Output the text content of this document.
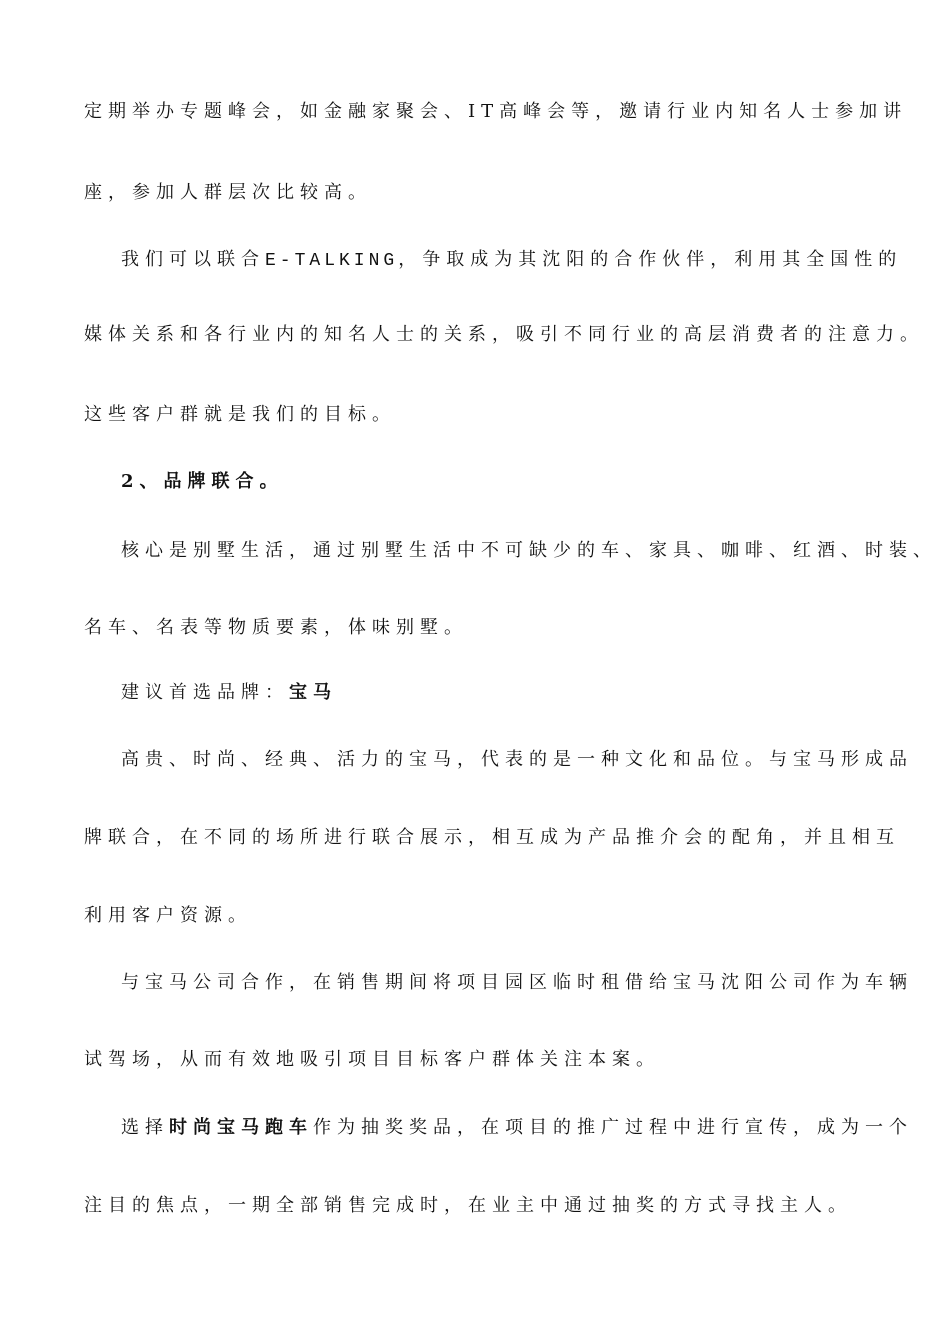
定期举办专题峰会，如金融家聚会、IT高峰会等，邀请行业内知名人士参加讲
座，参加人群层次比较高。
我们可以联合E-TALKING，争取成为其沈阳的合作伙伴，利用其全国性的
媒体关系和各行业内的知名人士的关系，吸引不同行业的高层消费者的注意力。
这些客户群就是我们的目标。
2、品牌联合。
核心是别墅生活，通过别墅生活中不可缺少的车、家具、咖啡、红酒、时装、
名车、名表等物质要素，体味别墅。
建议首选品牌：宝马
高贵、时尚、经典、活力的宝马，代表的是一种文化和品位。与宝马形成品
牌联合，在不同的场所进行联合展示，相互成为产品推介会的配角，并且相互
利用客户资源。
与宝马公司合作，在销售期间将项目园区临时租借给宝马沈阳公司作为车辆
试驾场，从而有效地吸引项目目标客户群体关注本案。
选择时尚宝马跑车作为抽奖奖品，在项目的推广过程中进行宣传，成为一个
注目的焦点，一期全部销售完成时，在业主中通过抽奖的方式寻找主人。
